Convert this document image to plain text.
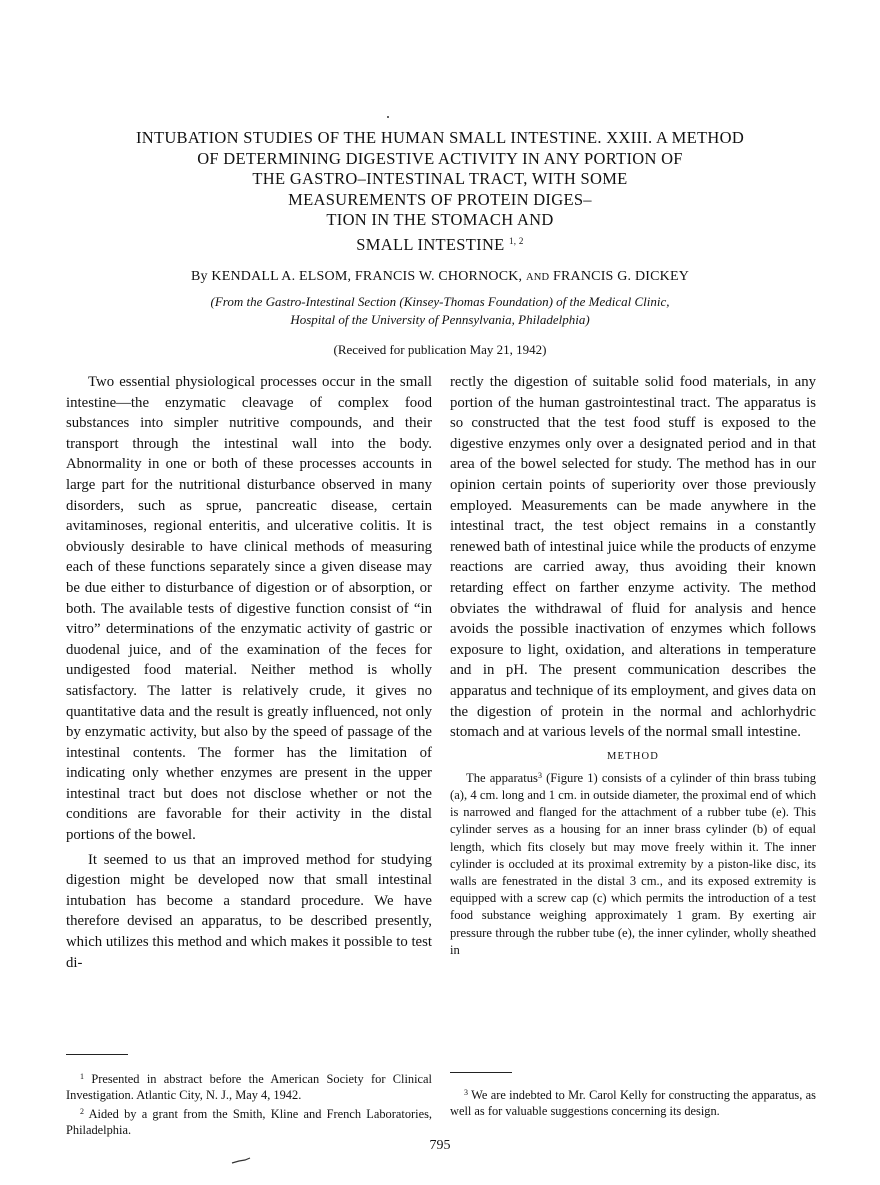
INTUBATION STUDIES OF THE HUMAN SMALL INTESTINE. XXIII. A METHOD
OF DETERMINING DIGESTIVE ACTIVITY IN ANY PORTION OF
THE GASTRO–INTESTINAL TRACT, WITH SOME
MEASUREMENTS OF PROTEIN DIGES–
TION IN THE STOMACH AND
SMALL INTESTINE $^{1, 2}$

By KENDALL A. ELSOM, FRANCIS W. CHORNOCK, AND FRANCIS G. DICKEY

(From the Gastro-Intestinal Section (Kinsey-Thomas Foundation) of the Medical Clinic,
Hospital of the University of Pennsylvania, Philadelphia)

(Received for publication May 21, 1942)

Two essential physiological processes occur in the small intestine—the enzymatic cleavage of complex food substances into simpler nutritive compounds, and their transport through the intestinal wall into the body. Abnormality in one or both of these processes accounts in large part for the nutritional disturbance observed in many disorders, such as sprue, pancreatic disease, certain avitaminoses, regional enteritis, and ulcerative colitis. It is obviously desirable to have clinical methods of measuring each of these functions separately since a given disease may be due either to disturbance of digestion or of absorption, or both. The available tests of digestive function consist of “in vitro” determinations of the enzymatic activity of gastric or duodenal juice, and of the examination of the feces for undigested food material. Neither method is wholly satisfactory. The latter is relatively crude, it gives no quantitative data and the result is greatly influenced, not only by enzymatic activity, but also by the speed of passage of the intestinal contents. The former has the limitation of indicating only whether enzymes are present in the upper intestinal tract but does not disclose whether or not the conditions are favorable for their activity in the distal portions of the bowel.

It seemed to us that an improved method for studying digestion might be developed now that small intestinal intubation has become a standard procedure. We have therefore devised an apparatus, to be described presently, which utilizes this method and which makes it possible to test di-

rectly the digestion of suitable solid food materials, in any portion of the human gastrointestinal tract. The apparatus is so constructed that the test food stuff is exposed to the digestive enzymes only over a designated period and in that area of the bowel selected for study. The method has in our opinion certain points of superiority over those previously employed. Measurements can be made anywhere in the intestinal tract, the test object remains in a constantly renewed bath of intestinal juice while the products of enzyme reactions are carried away, thus avoiding their known retarding effect on farther enzyme activity. The method obviates the withdrawal of fluid for analysis and hence avoids the possible inactivation of enzymes which follows exposure to light, oxidation, and alterations in temperature and in pH. The present communication describes the apparatus and technique of its employment, and gives data on the digestion of protein in the normal and achlorhydric stomach and at various levels of the normal small intestine.

METHOD

The apparatus$^3$ (Figure 1) consists of a cylinder of thin brass tubing (a), 4 cm. long and 1 cm. in outside diameter, the proximal end of which is narrowed and flanged for the attachment of a rubber tube (e). This cylinder serves as a housing for an inner brass cylinder (b) of equal length, which fits closely but may move freely within it. The inner cylinder is occluded at its proximal extremity by a piston-like disc, its walls are fenestrated in the distal 3 cm., and its exposed extremity is equipped with a screw cap (c) which permits the introduction of a test food substance weighing approximately 1 gram. By exerting air pressure through the rubber tube (e), the inner cylinder, wholly sheathed in

$^1$ Presented in abstract before the American Society for Clinical Investigation. Atlantic City, N. J., May 4, 1942.

$^2$ Aided by a grant from the Smith, Kline and French Laboratories, Philadelphia.

$^3$ We are indebted to Mr. Carol Kelly for constructing the apparatus, as well as for valuable suggestions concerning its design.

795
